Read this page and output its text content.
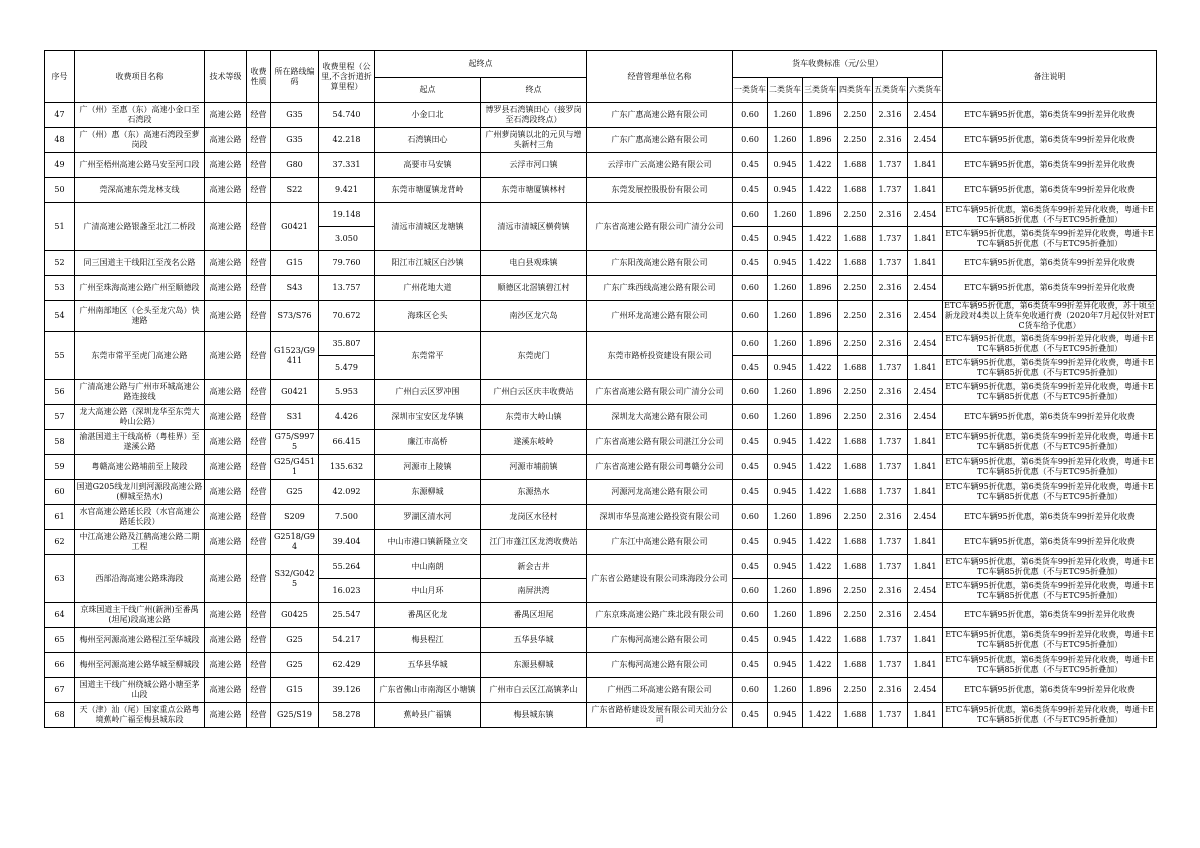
序号	收费项目名称	技术等级	收费性质	所在路线编码	收费里程（公里,不含折道折算里程）	起终点		经营管理单位名称	货车收费标准（元/公里）						备注说明
						起点	终点		一类货车	二类货车	三类货车	四类货车	五类货车	六类货车	

47	广（州）至惠（东）高速小金口至石湾段	高速公路	经营	G35	54.740	小金口北	博罗县石湾镇田心（接罗岗至石湾段终点）	广东广惠高速公路有限公司	0.60	1.260	1.896	2.250	2.316	2.454	ETC车辆95折优惠，第6类货车99折差异化收费
48	广（州）惠（东）高速石湾段至萝岗段	高速公路	经营	G35	42.218	石湾镇田心	广州萝岗镇以北的元贝与增头新村三角	广东广惠高速公路有限公司	0.60	1.260	1.896	2.250	2.316	2.454	ETC车辆95折优惠，第6类货车99折差异化收费
49	广州至梧州高速公路马安至河口段	高速公路	经营	G80	37.331	高要市马安镇	云浮市河口镇	云浮市广云高速公路有限公司	0.45	0.945	1.422	1.688	1.737	1.841	ETC车辆95折优惠，第6类货车99折差异化收费
50	莞深高速东莞龙林支线	高速公路	经营	S22	9.421	东莞市塘厦镇龙背岭	东莞市塘厦镇林村	东莞发展控股股份有限公司	0.45	0.945	1.422	1.688	1.737	1.841	ETC车辆95折优惠，第6类货车99折差异化收费
51	广清高速公路银盏至北江二桥段	高速公路	经营	G0421	19.148	清远市清城区龙塘镇	清远市清城区横荷镇	广东省高速公路有限公司广清分公司	0.60	1.260	1.896	2.250	2.316	2.454	ETC车辆95折优惠，第6类货车99折差异化收费，粤通卡ETC车辆85折优惠（不与ETC95折叠加）
					3.050				0.45	0.945	1.422	1.688	1.737	1.841	ETC车辆95折优惠，第6类货车99折差异化收费，粤通卡ETC车辆85折优惠（不与ETC95折叠加）
52	同三国道主干线阳江至茂名公路	高速公路	经营	G15	79.760	阳江市江城区白沙镇	电白县观珠镇	广东阳茂高速公路有限公司	0.45	0.945	1.422	1.688	1.737	1.841	ETC车辆95折优惠，第6类货车99折差异化收费
53	广州至珠海高速公路广州至顺德段	高速公路	经营	S43	13.757	广州花地大道	顺德区北滘镇碧江村	广东广珠西线高速公路有限公司	0.60	1.260	1.896	2.250	2.316	2.454	ETC车辆95折优惠，第6类货车99折差异化收费
54	广州南部地区（仑头至龙穴岛）快速路	高速公路	经营	S73/S76	70.672	海珠区仑头	南沙区龙穴岛	广州环龙高速公路有限公司	0.60	1.260	1.896	2.250	2.316	2.454	ETC车辆95折优惠，第6类货车99折差异化收费，苏十顷至新龙段对4类以上货车免收通行费（2020年7月起仅针对ETC货车给予优惠）
55	东莞市常平至虎门高速公路	高速公路	经营	G1523/G9411	35.807	东莞常平	东莞虎门	东莞市路桥投资建设有限公司	0.60	1.260	1.896	2.250	2.316	2.454	ETC车辆95折优惠，第6类货车99折差异化收费，粤通卡ETC车辆85折优惠（不与ETC95折叠加）
					5.479				0.45	0.945	1.422	1.688	1.737	1.841	ETC车辆95折优惠，第6类货车99折差异化收费，粤通卡ETC车辆85折优惠（不与ETC95折叠加）
56	广清高速公路与广州市环城高速公路连接线	高速公路	经营	G0421	5.953	广州白云区罗冲围	广州白云区庆丰收费站	广东省高速公路有限公司广清分公司	0.60	1.260	1.896	2.250	2.316	2.454	ETC车辆95折优惠，第6类货车99折差异化收费，粤通卡ETC车辆85折优惠（不与ETC95折叠加）
57	龙大高速公路（深圳龙华至东莞大岭山公路）	高速公路	经营	S31	4.426	深圳市宝安区龙华镇	东莞市大岭山镇	深圳龙大高速公路有限公司	0.60	1.260	1.896	2.250	2.316	2.454	ETC车辆95折优惠，第6类货车99折差异化收费
58	渝湛国道主干线高桥（粤桂界）至遂溪公路	高速公路	经营	G75/S9975	66.415	廉江市高桥	遂溪东岐岭	广东省高速公路有限公司湛江分公司	0.45	0.945	1.422	1.688	1.737	1.841	ETC车辆95折优惠，第6类货车99折差异化收费，粤通卡ETC车辆85折优惠（不与ETC95折叠加）
59	粤赣高速公路埔前至上陵段	高速公路	经营	G25/G4511	135.632	河源市上陵镇	河源市埔前镇	广东省高速公路有限公司粤赣分公司	0.45	0.945	1.422	1.688	1.737	1.841	ETC车辆95折优惠，第6类货车99折差异化收费，粤通卡ETC车辆85折优惠（不与ETC95折叠加）
60	国道G205线龙川到河源段高速公路(柳城至热水)	高速公路	经营	G25	42.092	东源柳城	东源热水	河源河龙高速公路有限公司	0.45	0.945	1.422	1.688	1.737	1.841	ETC车辆95折优惠，第6类货车99折差异化收费，粤通卡ETC车辆85折优惠（不与ETC95折叠加）
61	水官高速公路延长段（水官高速公路延长段）	高速公路	经营	S209	7.500	罗湖区清水河	龙岗区水径村	深圳市华昱高速公路投资有限公司	0.60	1.260	1.896	2.250	2.316	2.454	ETC车辆95折优惠，第6类货车99折差异化收费
62	中江高速公路及江鹤高速公路二期工程	高速公路	经营	G2518/G94	39.404	中山市港口镇新隆立交	江门市蓬江区龙湾收费站	广东江中高速公路有限公司	0.45	0.945	1.422	1.688	1.737	1.841	ETC车辆95折优惠，第6类货车99折差异化收费
63	西部沿海高速公路珠海段	高速公路	经营	S32/G0425	55.264	中山南朗	新会古井	广东省公路建设有限公司珠海段分公司	0.45	0.945	1.422	1.688	1.737	1.841	ETC车辆95折优惠，第6类货车99折差异化收费，粤通卡ETC车辆85折优惠（不与ETC95折叠加）
					16.023	中山月环	南屏洪湾		0.60	1.260	1.896	2.250	2.316	2.454	ETC车辆95折优惠，第6类货车99折差异化收费，粤通卡ETC车辆85折优惠（不与ETC95折叠加）
64	京珠国道主干线广州(新洲)至番禺(坦尾)段高速公路	高速公路	经营	G0425	25.547	番禺区化龙	番禺区坦尾	广东京珠高速公路广珠北段有限公司	0.60	1.260	1.896	2.250	2.316	2.454	ETC车辆95折优惠，第6类货车99折差异化收费
65	梅州至河源高速公路程江至华城段	高速公路	经营	G25	54.217	梅县程江	五华县华城	广东梅河高速公路有限公司	0.45	0.945	1.422	1.688	1.737	1.841	ETC车辆95折优惠，第6类货车99折差异化收费，粤通卡ETC车辆85折优惠（不与ETC95折叠加）
66	梅州至河源高速公路华城至柳城段	高速公路	经营	G25	62.429	五华县华城	东源县柳城	广东梅河高速公路有限公司	0.45	0.945	1.422	1.688	1.737	1.841	ETC车辆95折优惠，第6类货车99折差异化收费，粤通卡ETC车辆85折优惠（不与ETC95折叠加）
67	国道主干线广州绕城公路小塘至茅山段	高速公路	经营	G15	39.126	广东省佛山市南海区小塘镇	广州市白云区江高镇茅山	广州西二环高速公路有限公司	0.60	1.260	1.896	2.250	2.316	2.454	ETC车辆95折优惠，第6类货车99折差异化收费
68	天（津）汕（尾）国家重点公路粤境蕉岭广福至梅县城东段	高速公路	经营	G25/S19	58.278	蕉岭县广福镇	梅县城东镇	广东省路桥建设发展有限公司天汕分公司	0.45	0.945	1.422	1.688	1.737	1.841	ETC车辆95折优惠，第6类货车99折差异化收费，粤通卡ETC车辆85折优惠（不与ETC95折叠加）
